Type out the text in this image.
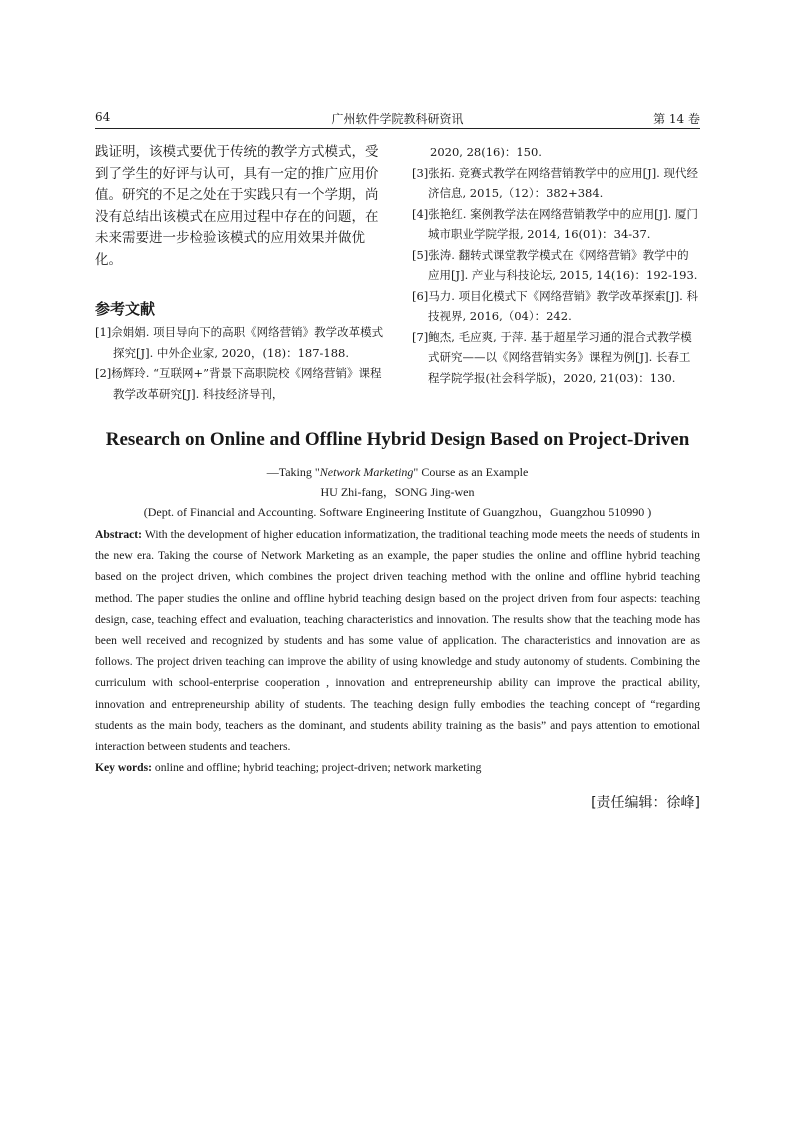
64	广州软件学院教科研资讯	第 14 卷

践证明，该模式要优于传统的教学方式模式，受到了学生的好评与认可，具有一定的推广应用价值。研究的不足之处在于实践只有一个学期，尚没有总结出该模式在应用过程中存在的问题，在未来需要进一步检验该模式的应用效果并做优化。

参考文献

[1]佘娟娟. 项目导向下的高职《网络营销》教学改革模式探究[J]. 中外企业家, 2020，(18)：187-188.

[2]杨辉玲. “互联网+”背景下高职院校《网络营销》课程教学改革研究[J]. 科技经济导刊，

2020, 28(16)：150.

[3]张拓. 竞赛式教学在网络营销教学中的应用[J]. 现代经济信息, 2015,（12）：382+384.

[4]张艳红. 案例教学法在网络营销教学中的应用[J]. 厦门城市职业学院学报, 2014, 16(01)：34-37.

[5]张涛. 翻转式课堂教学模式在《网络营销》教学中的应用[J]. 产业与科技论坛, 2015, 14(16)：192-193.

[6]马力. 项目化模式下《网络营销》教学改革探索[J]. 科技视界, 2016,（04）：242.

[7]鲍杰, 毛应爽, 于萍. 基于超星学习通的混合式教学模式研究——以《网络营销实务》课程为例[J]. 长春工程学院学报(社会科学版)，2020, 21(03)：130.

Research on Online and Offline Hybrid Design Based on Project-Driven

—Taking "Network Marketing" Course as an Example

HU Zhi-fang，SONG Jing-wen

(Dept. of Financial and Accounting. Software Engineering Institute of Guangzhou，Guangzhou 510990 )

Abstract: With the development of higher education informatization, the traditional teaching mode meets the needs of students in the new era. Taking the course of Network Marketing as an example, the paper studies the online and offline hybrid teaching based on the project driven, which combines the project driven teaching method with the online and offline hybrid teaching method. The paper studies the online and offline hybrid teaching design based on the project driven from four aspects: teaching design, case, teaching effect and evaluation, teaching characteristics and innovation. The results show that the teaching mode has been well received and recognized by students and has some value of application. The characteristics and innovation are as follows. The project driven teaching can improve the ability of using knowledge and study autonomy of students. Combining the curriculum with school-enterprise cooperation , innovation and entrepreneurship ability can improve the practical ability, innovation and entrepreneurship ability of students. The teaching design fully embodies the teaching concept of “regarding students as the main body, teachers as the dominant, and students ability training as the basis” and pays attention to emotional interaction between students and teachers.

Key words: online and offline; hybrid teaching; project-driven; network marketing

[责任编辑：徐峰]
